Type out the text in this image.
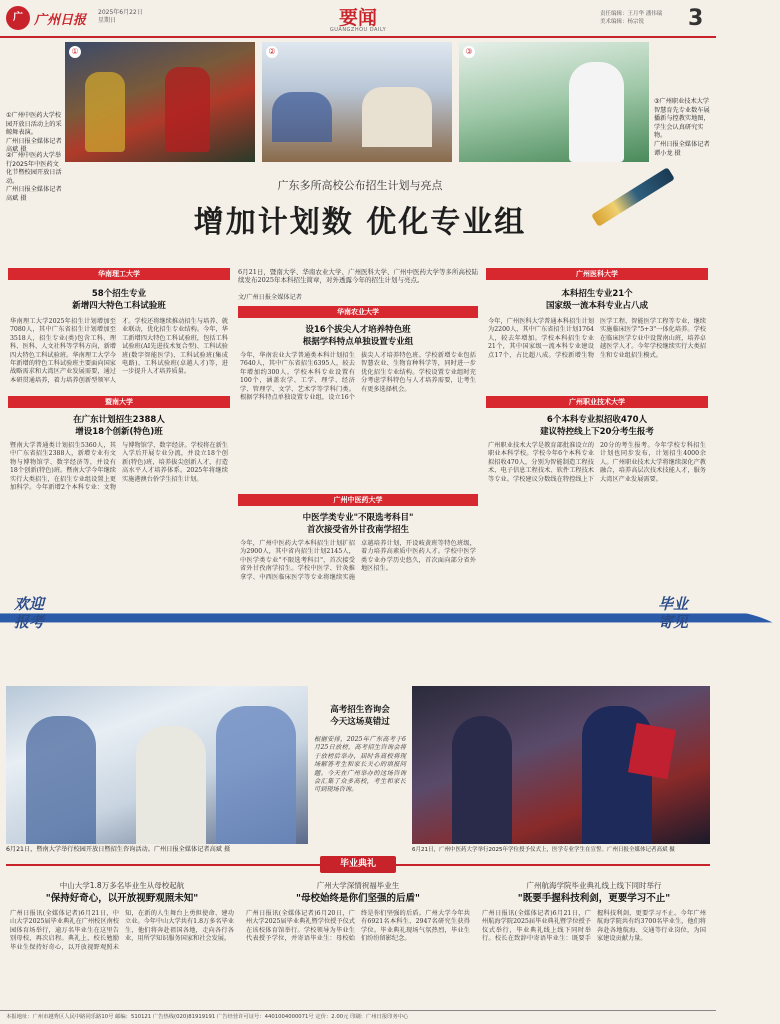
广 广州日报
2025年6月22日
星期日	要闻
GUANGZHOU DAILY
责任编辑：王月华 潘伟瑞
美术编辑：杨宗锐	3
①	②	③
①广州中医药大学校园开放日活动上的采鲸舞表演。
广州日报全媒体记者高斌 摄
②广州中医药大学举行2025年中医药文化节暨校园开放日活动。
广州日报全媒体记者高斌 摄
③广州职业技术大学智慧育先专业数车展播新与控教实地图，学生会认真研究实物。
广州日报全媒体记者谭小龙 摄
广东多所高校公布招生计划与亮点
增加计划数 优化专业组
华南理工大学
58个招生专业
新增四大特色工科试验班
华南理工大学2025年招生计划增加至7080人，其中广东省招生计划增加至3518人，招生专业(类)包含工科、理科、医科、人文社科等学科方向，新增四大特色工科试验班。华南理工大学今年新增的特色工科试验班主要面向国家战略需求和大湾区产业发展需要，通过本研贯通培养，着力培养创新型领军人才。学校还将继续推动招生与培养、就业联动，优化招生专业结构。今年，华工新增四大特色工科试验班，包括工科试验班(AI先进技术复合型)、工科试验班(数字智能医学)、工科试验班(集成电路)、工科试验班(卓越人才)等，进一步提升人才培养质量。
暨南大学
在广东计划招生2388人
增设18个创新(特色)班
暨南大学普通类计划招生5360人，其中广东省招生2388人，新增专业有文物与博物馆学、数字经济等，并设有18个创新(特色)班。暨南大学今年继续实行大类招生，在招生专业组设置上更加科学。今年新增2个本科专业：文物与博物馆学、数字经济。学校将在新生入学后开展专业分流，并设立18个创新(特色)班，培养拔尖创新人才，打造高水平人才培养体系。2025年将继续实施港澳台侨学生招生计划。
6月21日，暨南大学、华南农业大学、广州医科大学、广州中医药大学等多所高校陆续发布2025年本科招生简章，对外透露今年的招生计划与亮点。
文/广州日报全媒体记者
华南农业大学
设16个拔尖人才培养特色班
根据学科特点单独设置专业组
今年，华南农业大学普通类本科计划招生7640人，其中广东省招生6395人，较去年增加约300人。学校本科专业设置有100个，涵盖农学、工学、理学、经济学、管理学、文学、艺术学等学科门类。根据学科特点单独设置专业组，设立16个拔尖人才培养特色班。学校新增专业包括智慧农业、生物育种科学等，同时进一步优化招生专业结构。学校设置专业组时充分考虑学科特色与人才培养需要，让考生有更多选择机会。
广州中医药大学
中医学类专业"不限选考科目"
首次接受省外甘孜南学招生
今年，广州中医药大学本科招生计划扩招为2900人，其中省内招生计划2145人，中医学类专业"不限选考科目"，首次接受省外甘孜南学招生。学校中医学、针灸推拿学、中西医临床医学等专业将继续实施卓越培养计划，开设岐黄班等特色班级，着力培养高素质中医药人才。学校中医学类专业办学历史悠久，首次面向部分省外地区招生。
广州医科大学
本科招生专业21个
国家级一流本科专业占八成
今年，广州医科大学普通本科招生计划为2200人，其中广东省招生计划1764人，较去年增加。学校本科招生专业21个，其中国家级一流本科专业建设点17个，占比超八成。学校新增生物医学工程、智能医学工程等专业，继续实施临床医学"5+3"一体化培养。学校在临床医学专业中设置南山班，培养卓越医学人才。今年学校继续实行大类招生和专业组招生模式。
广州职业技术大学
6个本科专业拟招收470人
建议特控线上下20分考生报考
广州职业技术大学是教育部批准设立的职业本科学校。学校今年6个本科专业拟招收470人，分别为智能制造工程技术、电子信息工程技术、软件工程技术等专业。学校建议分数线在特控线上下20分的考生报考。今年学校专科招生计划也同步发布，计划招生4000余人。广州职业技术大学将继续深化产教融合，培养高层次技术技能人才，服务大湾区产业发展需要。
欢迎报考
毕业寄见
高考招生咨询会
今天这场莫错过
根据安排，2025年广东高考于6月25日放榜，高考招生咨询会将于放榜后举办，届时各高校将现场解答考生和家长关心的填报问题。今天在广州举办的这场咨询会汇集了众多高校，考生和家长可到现场咨询。
6月21日，暨南大学举行校园开放日暨招生咨询活动。广州日报全媒体记者高斌 摄	6月21日，广州中医药大学举行2025年学位授予仪式上，医学专业学生在宣誓。广州日报全媒体记者高斌 摄
毕业典礼
中山大学1.8万多名毕业生从母校起航
"保持好奇心，以开放视野观照未知"
广州日报讯(全媒体记者)6月21日，中山大学2025届毕业典礼在广州校区南校园体育场举行，逾万名毕业生在这里告别母校，再次启程。典礼上，校长勉励毕业生保持好奇心，以开放视野观照未知，在新的人生舞台上勇担使命、建功立业。今年中山大学共有1.8万多名毕业生，他们将奔赴祖国各地，走向各行各业，用所学知识服务国家和社会发展。
广州大学深情祝福毕业生
"母校始终是你们坚强的后盾"
广州日报讯(全媒体记者)6月20日，广州大学2025届毕业典礼暨学位授予仪式在该校体育馆举行。学校领导为毕业生代表授予学位，并寄语毕业生：母校始终是你们坚强的后盾。广州大学今年共有6921名本科生、2947名研究生获得学位。毕业典礼现场气氛热烈，毕业生们纷纷留影纪念。
广州航海学院毕业典礼线上线下同时举行
"既要手握科技利剑，更要学习不止"
广州日报讯(全媒体记者)6月21日，广州航海学院2025届毕业典礼暨学位授予仪式举行，毕业典礼线上线下同时举行。校长在致辞中寄语毕业生：既要手握科技利剑，更要学习不止。今年广州航海学院共有约3700名毕业生，他们将奔赴各地航海、交通等行业岗位，为国家建设贡献力量。
本报地址：广州市越秀区人民中路同乐路10号 邮编：510121 广告热线(020)81919191 广告经营许可证号：4401004000071号 定价：2.00元 印刷：广州日报印务中心
